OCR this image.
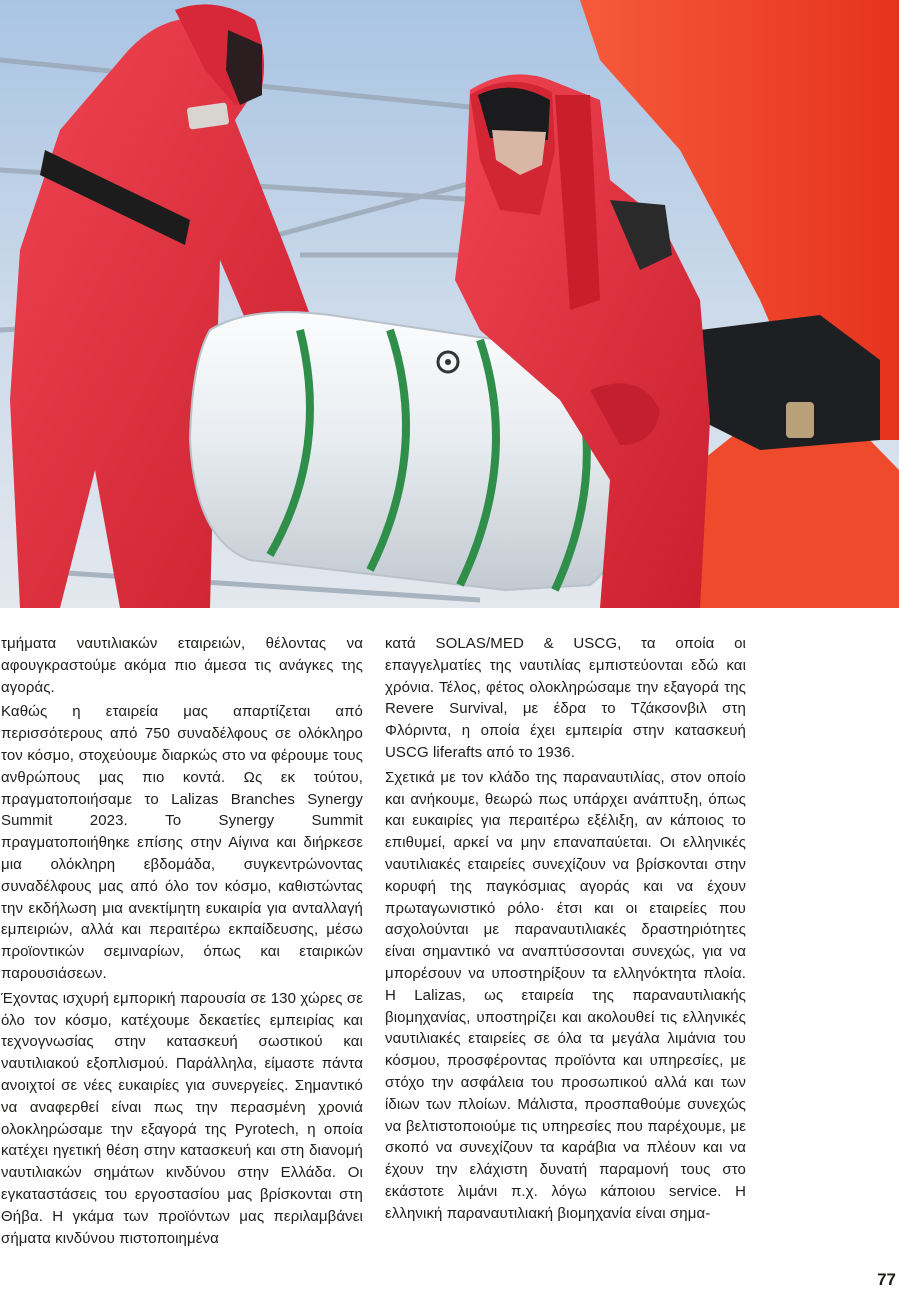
τμήματα ναυτιλιακών εταιρειών, θέλοντας να αφουγκραστούμε ακόμα πιο άμεσα τις ανάγκες της αγοράς.

Καθώς η εταιρεία μας απαρτίζεται από περισσότερους από 750 συναδέλφους σε ολόκληρο τον κόσμο, στοχεύουμε διαρκώς στο να φέρουμε τους ανθρώπους μας πιο κοντά. Ως εκ τούτου, πραγματοποιήσαμε το Lalizas Branches Synergy Summit 2023. Το Synergy Summit πραγματοποιήθηκε επίσης στην Αίγινα και διήρκεσε μια ολόκληρη εβδομάδα, συγκεντρώνοντας συναδέλφους μας από όλο τον κόσμο, καθιστώντας την εκδήλωση μια ανεκτίμητη ευκαιρία για ανταλλαγή εμπειριών, αλλά και περαιτέρω εκπαίδευσης, μέσω προϊοντικών σεμιναρίων, όπως και εταιρικών παρουσιάσεων.

Έχοντας ισχυρή εμπορική παρουσία σε 130 χώρες σε όλο τον κόσμο, κατέχουμε δεκαετίες εμπειρίας και τεχνογνωσίας στην κατασκευή σωστικού και ναυτιλιακού εξοπλισμού. Παράλληλα, είμαστε πάντα ανοιχτοί σε νέες ευκαιρίες για συνεργείες. Σημαντικό να αναφερθεί είναι πως την περασμένη χρονιά ολοκληρώσαμε την εξαγορά της Pyrotech, η οποία κατέχει ηγετική θέση στην κατασκευή και στη διανομή ναυτιλιακών σημάτων κινδύνου στην Ελλάδα. Οι εγκαταστάσεις του εργοστασίου μας βρίσκονται στη Θήβα. Η γκάμα των προϊόντων μας περιλαμβάνει σήματα κινδύνου πιστοποιημένα

κατά SOLAS/MED & USCG, τα οποία οι επαγγελματίες της ναυτιλίας εμπιστεύονται εδώ και χρόνια. Τέλος, φέτος ολοκληρώσαμε την εξαγορά της Revere Survival, με έδρα το Τζάκσονβιλ στη Φλόριντα, η οποία έχει εμπειρία στην κατασκευή USCG liferafts από το 1936.

Σχετικά με τον κλάδο της παραναυτιλίας, στον οποίο και ανήκουμε, θεωρώ πως υπάρχει ανάπτυξη, όπως και ευκαιρίες για περαιτέρω εξέλιξη, αν κάποιος το επιθυμεί, αρκεί να μην επαναπαύεται. Οι ελληνικές ναυτιλιακές εταιρείες συνεχίζουν να βρίσκονται στην κορυφή της παγκόσμιας αγοράς και να έχουν πρωταγωνιστικό ρόλο· έτσι και οι εταιρείες που ασχολούνται με παραναυτιλιακές δραστηριότητες είναι σημαντικό να αναπτύσσονται συνεχώς, για να μπορέσουν να υποστηρίξουν τα ελληνόκτητα πλοία. Η Lalizas, ως εταιρεία της παραναυτιλιακής βιομηχανίας, υποστηρίζει και ακολουθεί τις ελληνικές ναυτιλιακές εταιρείες σε όλα τα μεγάλα λιμάνια του κόσμου, προσφέροντας προϊόντα και υπηρεσίες, με στόχο την ασφάλεια του προσωπικού αλλά και των ίδιων των πλοίων. Μάλιστα, προσπαθούμε συνεχώς να βελτιστοποιούμε τις υπηρεσίες που παρέχουμε, με σκοπό να συνεχίζουν τα καράβια να πλέουν και να έχουν την ελάχιστη δυνατή παραμονή τους στο εκάστοτε λιμάνι π.χ. λόγω κάποιου service. Η ελληνική παραναυτιλιακή βιομηχανία είναι σημα-

77
